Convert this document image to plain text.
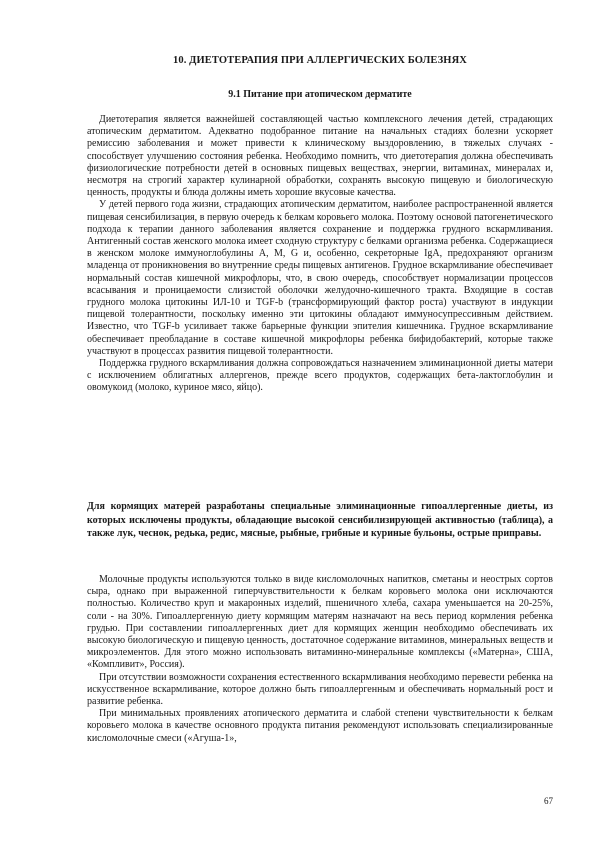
10. ДИЕТОТЕРАПИЯ ПРИ АЛЛЕРГИЧЕСКИХ БОЛЕЗНЯХ
9.1 Питание при атопическом дерматите

Диетотерапия является важнейшей составляющей частью комплексного лечения детей, страдающих атопическим дерматитом. Адекватно подобранное питание на начальных стадиях болезни ускоряет ремиссию заболевания и может привести к клиническому выздоровлению, в тяжелых случаях - способствует улучшению состояния ребенка. Необходимо помнить, что диетотерапия должна обеспечивать физиологические потребности детей в основных пищевых веществах, энергии, витаминах, минералах и, несмотря на строгий характер кулинарной обработки, сохранять высокую пищевую и биологическую ценность, продукты и блюда должны иметь хорошие вкусовые качества.

У детей первого года жизни, страдающих атопическим дерматитом, наиболее распространенной является пищевая сенсибилизация, в первую очередь к белкам коровьего молока. Поэтому основой патогенетического подхода к терапии данного заболевания является сохранение и поддержка грудного вскармливания. Антигенный состав женского молока имеет сходную структуру с белками организма ребенка. Содержащиеся в женском молоке иммуноглобулины A, M, G и, особенно, секреторные IgA, предохраняют организм младенца от проникновения во внутренние среды пищевых антигенов. Грудное вскармливание обеспечивает нормальный состав кишечной микрофлоры, что, в свою очередь, способствует нормализации процессов всасывания и проницаемости слизистой оболочки желудочно-кишечного тракта. Входящие в состав грудного молока цитокины ИЛ-10 и TGF-b (трансформирующий фактор роста) участвуют в индукции пищевой толерантности, поскольку именно эти цитокины обладают иммуносупрессивным действием. Известно, что TGF-b усиливает также барьерные функции эпителия кишечника. Грудное вскармливание обеспечивает преобладание в составе кишечной микрофлоры ребенка бифидобактерий, которые также участвуют в процессах развития пищевой толерантности.

Поддержка грудного вскармливания должна сопровождаться назначением элиминационной диеты матери с исключением облигатных аллергенов, прежде всего продуктов, содержащих бета-лактоглобулин и овомукоид (молоко, куриное мясо, яйцо).

Для кормящих матерей разработаны специальные элиминационные гипоаллергенные диеты, из которых исключены продукты, обладающие высокой сенсибилизирующей активностью (таблица), а также лук, чеснок, редька, редис, мясные, рыбные, грибные и куриные бульоны, острые приправы.

Молочные продукты используются только в виде кисломолочных напитков, сметаны и неострых сортов сыра, однако при выраженной гиперчувствительности к белкам коровьего молока они исключаются полностью. Количество круп и макаронных изделий, пшеничного хлеба, сахара уменьшается на 20-25%, соли - на 30%. Гипоаллергенную диету кормящим матерям назначают на весь период кормления ребенка грудью. При составлении гипоаллергенных диет для кормящих женщин необходимо обеспечивать их высокую биологическую и пищевую ценность, достаточное содержание витаминов, минеральных веществ и микроэлементов. Для этого можно использовать витаминно-минеральные комплексы («Матерна», США, «Компливит», Россия).

При отсутствии возможности сохранения естественного вскармливания необходимо перевести ребенка на искусственное вскармливание, которое должно быть гипоаллергенным и обеспечивать нормальный рост и развитие ребенка.

При минимальных проявлениях атопического дерматита и слабой степени чувствительности к белкам коровьего молока в качестве основного продукта питания рекомендуют использовать специализированные кисломолочные смеси («Агуша-1»,

67
